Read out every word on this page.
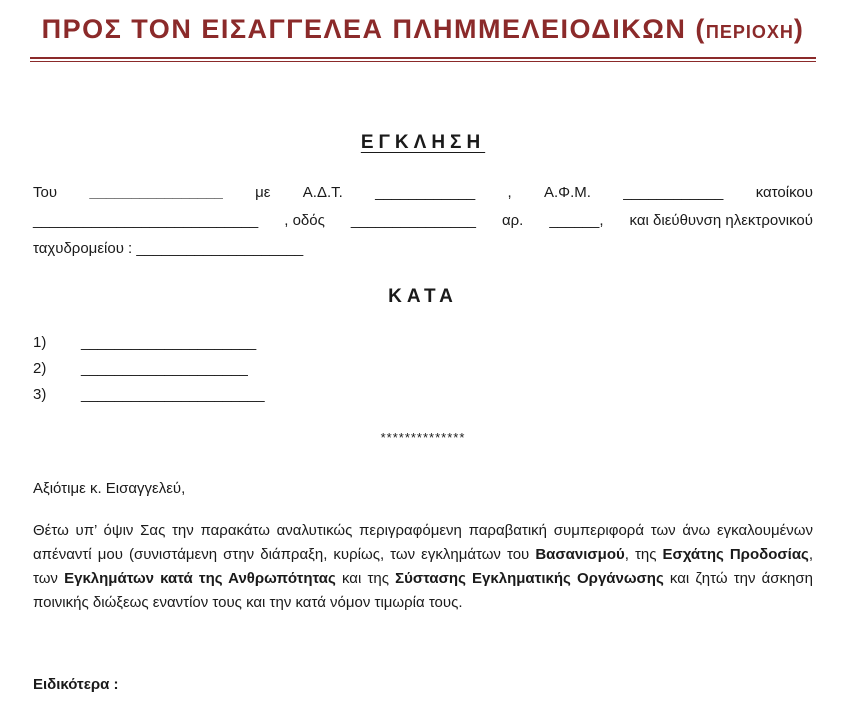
ΠΡΟΣ ΤΟΝ ΕΙΣΑΓΓΕΛΕΑ ΠΛΗΜΜΕΛΕΙΟΔΙΚΩΝ (ΠΕΡΙΟΧΗ)
ΕΓΚΛΗΣΗ
Του ________________ με Α.Δ.Τ. ____________ , Α.Φ.Μ. ____________ κατοίκου
___________________________ , οδός _______________ αρ. ______, και διεύθυνση ηλεκτρονικού
ταχυδρομείου : ____________________
ΚΑΤΑ
1) _____________________
2) ____________________
3) ______________________
**************
Αξιότιμε κ. Εισαγγελεύ,
Θέτω υπ’ όψιν Σας την παρακάτω αναλυτικώς περιγραφόμενη παραβατική συμπεριφορά των άνω εγκαλουμένων απέναντί μου (συνιστάμενη στην διάπραξη, κυρίως, των εγκλημάτων του Βασανισμού, της Εσχάτης Προδοσίας, των Εγκλημάτων κατά της Ανθρωπότητας και της Σύστασης Εγκληματικής Οργάνωσης και ζητώ την άσκηση ποινικής διώξεως εναντίον τους και την κατά νόμον τιμωρία τους.
Ειδικότερα :
